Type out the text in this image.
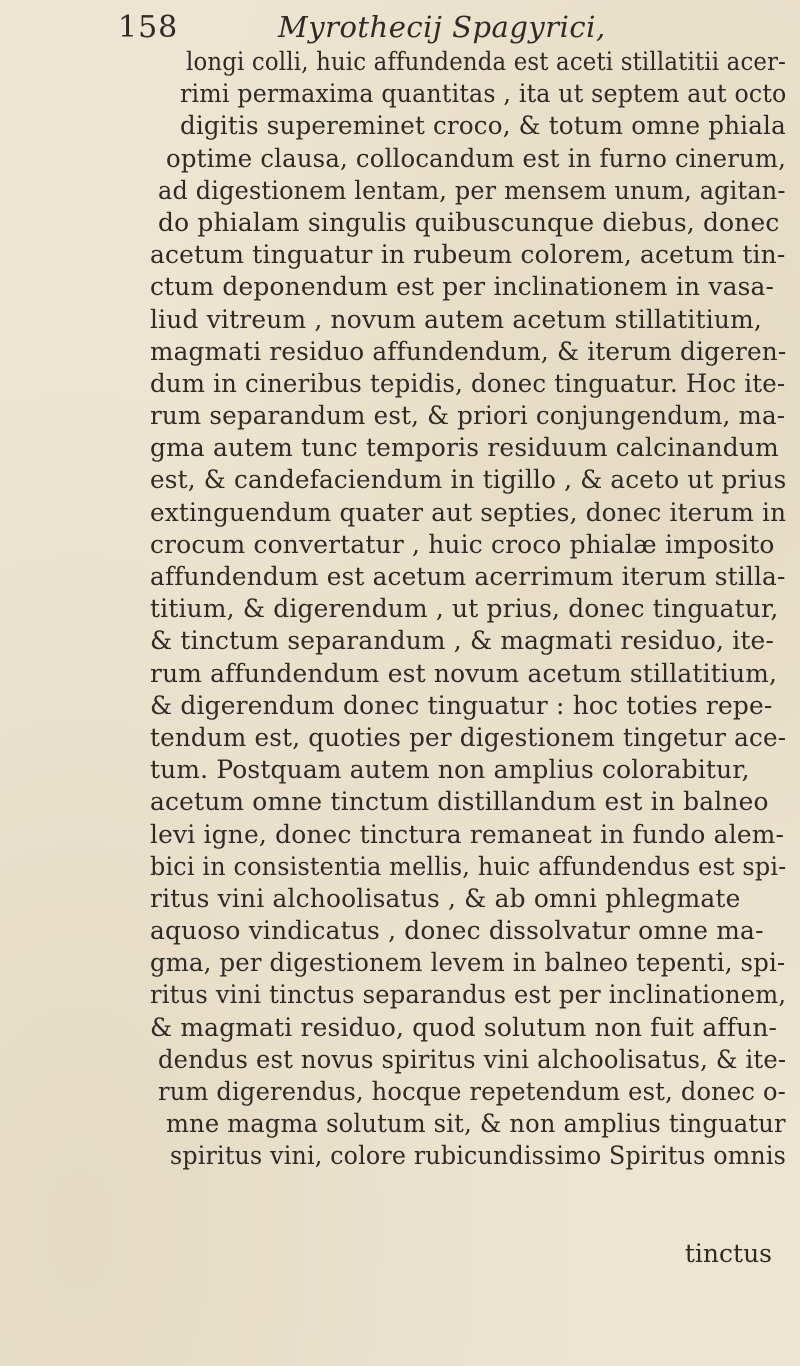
158	Myrothecij Spagyrici,
longi colli, huic affundenda est aceti stillatitii acer-
rimi permaxima quantitas , ita ut septem aut octo
digitis supereminet croco, & totum omne phiala
optime clausa, collocandum est in furno cinerum,
ad digestionem lentam, per mensem unum, agitan-
do phialam singulis quibuscunque diebus, donec
acetum tinguatur in rubeum colorem, acetum tin-
ctum deponendum est per inclinationem in vasa-
liud vitreum , novum autem acetum stillatitium,
magmati residuo affundendum, & iterum digeren-
dum in cineribus tepidis, donec tinguatur. Hoc ite-
rum separandum est, & priori conjungendum, ma-
gma autem tunc temporis residuum calcinandum
est, & candefaciendum in tigillo , & aceto ut prius
extinguendum quater aut septies, donec iterum in
crocum convertatur , huic croco phialæ imposito
affundendum est acetum acerrimum iterum stilla-
titium, & digerendum , ut prius, donec tinguatur,
& tinctum separandum , & magmati residuo, ite-
rum affundendum est novum acetum stillatitium,
& digerendum donec tinguatur : hoc toties repe-
tendum est, quoties per digestionem tingetur ace-
tum. Postquam autem non amplius colorabitur,
acetum omne tinctum distillandum est in balneo
levi igne, donec tinctura remaneat in fundo alem-
bici in consistentia mellis, huic affundendus est spi-
ritus vini alchoolisatus , & ab omni phlegmate
aquoso vindicatus , donec dissolvatur omne ma-
gma, per digestionem levem in balneo tepenti, spi-
ritus vini tinctus separandus est per inclinationem,
& magmati residuo, quod solutum non fuit affun-
dendus est novus spiritus vini alchoolisatus, & ite-
rum digerendus, hocque repetendum est, donec o-
mne magma solutum sit, & non amplius tinguatur
spiritus vini, colore rubicundissimo Spiritus omnis
tinctus
